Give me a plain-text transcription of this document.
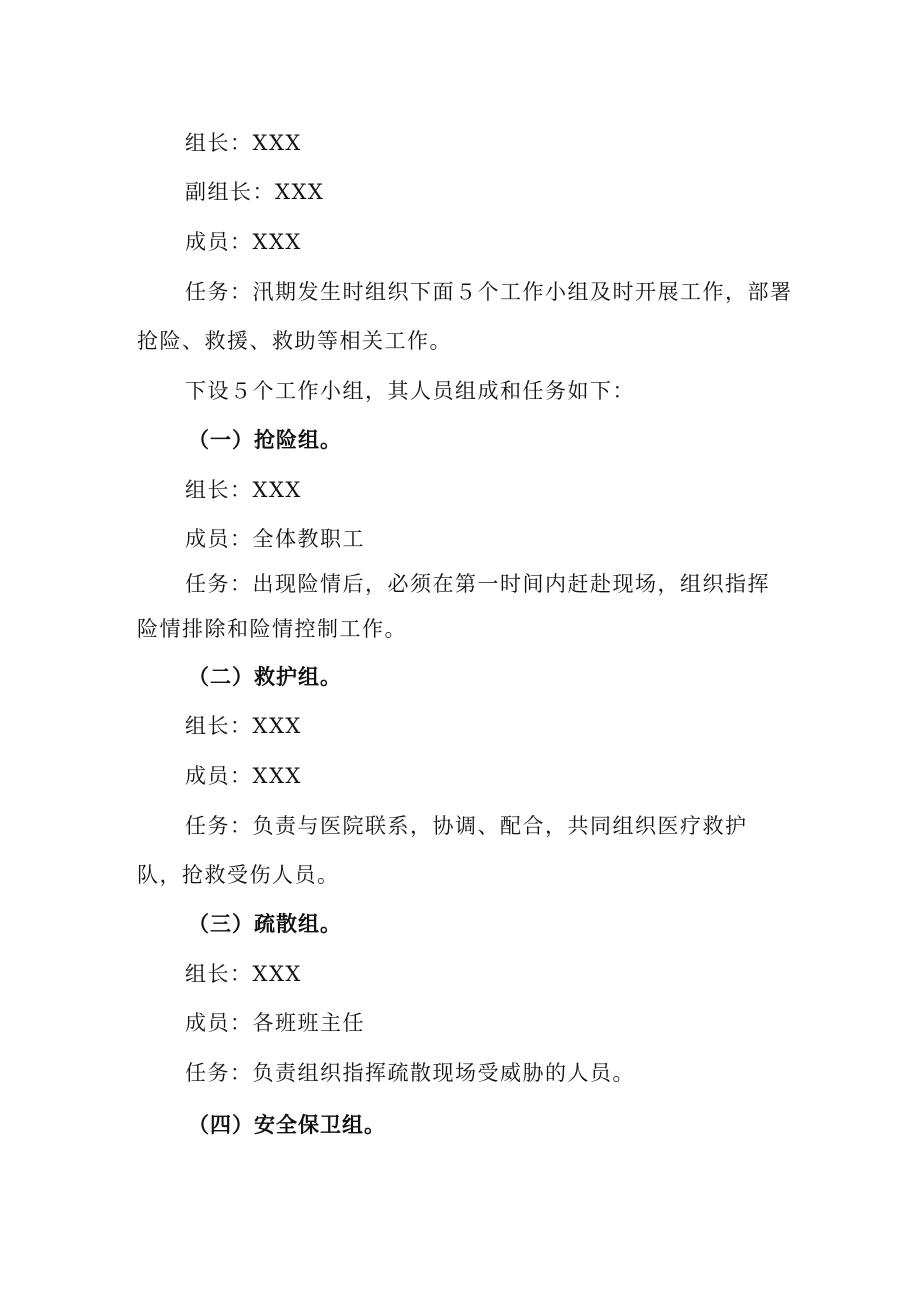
组长：XXX
副组长：XXX
成员：XXX
任务：汛期发生时组织下面５个工作小组及时开展工作，部署
抢险、救援、救助等相关工作。
下设５个工作小组，其人员组成和任务如下：
（一）抢险组。
组长：XXX
成员：全体教职工
任务：出现险情后，必须在第一时间内赶赴现场，组织指挥
险情排除和险情控制工作。
（二）救护组。
组长：XXX
成员：XXX
任务：负责与医院联系，协调、配合，共同组织医疗救护
队，抢救受伤人员。
（三）疏散组。
组长：XXX
成员：各班班主任
任务：负责组织指挥疏散现场受威胁的人员。
（四）安全保卫组。
